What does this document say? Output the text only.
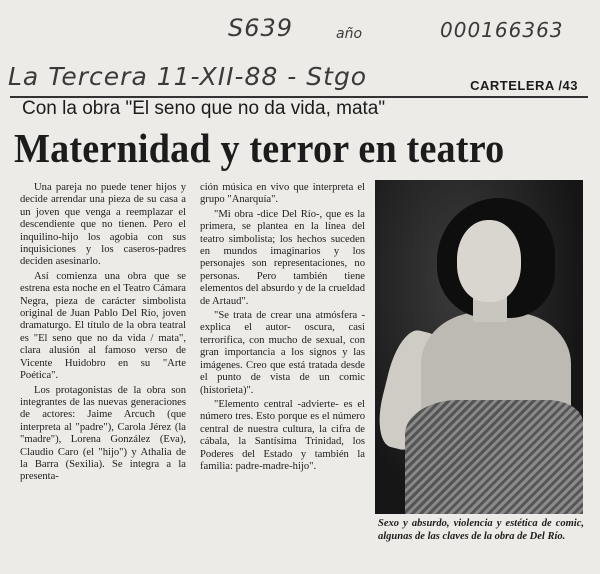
S639	año	000166363
La Tercera 11-XII-88 - Stgo	CARTELERA /43
Con la obra "El seno que no da vida, mata"
Maternidad y terror en teatro

Una pareja no puede tener hijos y decide arrendar una pieza de su casa a un joven que venga a reemplazar el descendiente que no tienen. Pero el inquilino-hijo los agobia con sus inquisiciones y los caseros-padres deciden asesinarlo.

Así comienza una obra que se estrena esta noche en el Teatro Cámara Negra, pieza de carácter simbolista original de Juan Pablo Del Río, joven dramaturgo. El título de la obra teatral es "El seno que no da vida / mata", clara alusión al famoso verso de Vicente Huidobro en su "Arte Poética".

Los protagonistas de la obra son integrantes de las nuevas generaciones de actores: Jaime Arcuch (que interpreta al "padre"), Carola Jérez (la "madre"), Lorena González (Eva), Claudio Caro (el "hijo") y Athalia de la Barra (Sexilia). Se integra a la presenta-

ción música en vivo que interpreta el grupo "Anarquía".

"Mi obra -dice Del Río-, que es la primera, se plantea en la línea del teatro simbolista; los hechos suceden en mundos imaginarios y los personajes son representaciones, no personas. Pero también tiene elementos del absurdo y de la crueldad de Artaud".

"Se trata de crear una atmósfera -explica el autor- oscura, casi terrorífica, con mucho de sexual, con gran importancia a los signos y las imágenes. Creo que está tratada desde el punto de vista de un comic (historieta)".

"Elemento central -advierte- es el número tres. Esto porque es el número central de nuestra cultura, la cifra de cábala, la Santísima Trinidad, los Poderes del Estado y también la familia: padre-madre-hijo".

Sexo y absurdo, violencia y estética de comic, algunas de las claves de la obra de Del Río.
